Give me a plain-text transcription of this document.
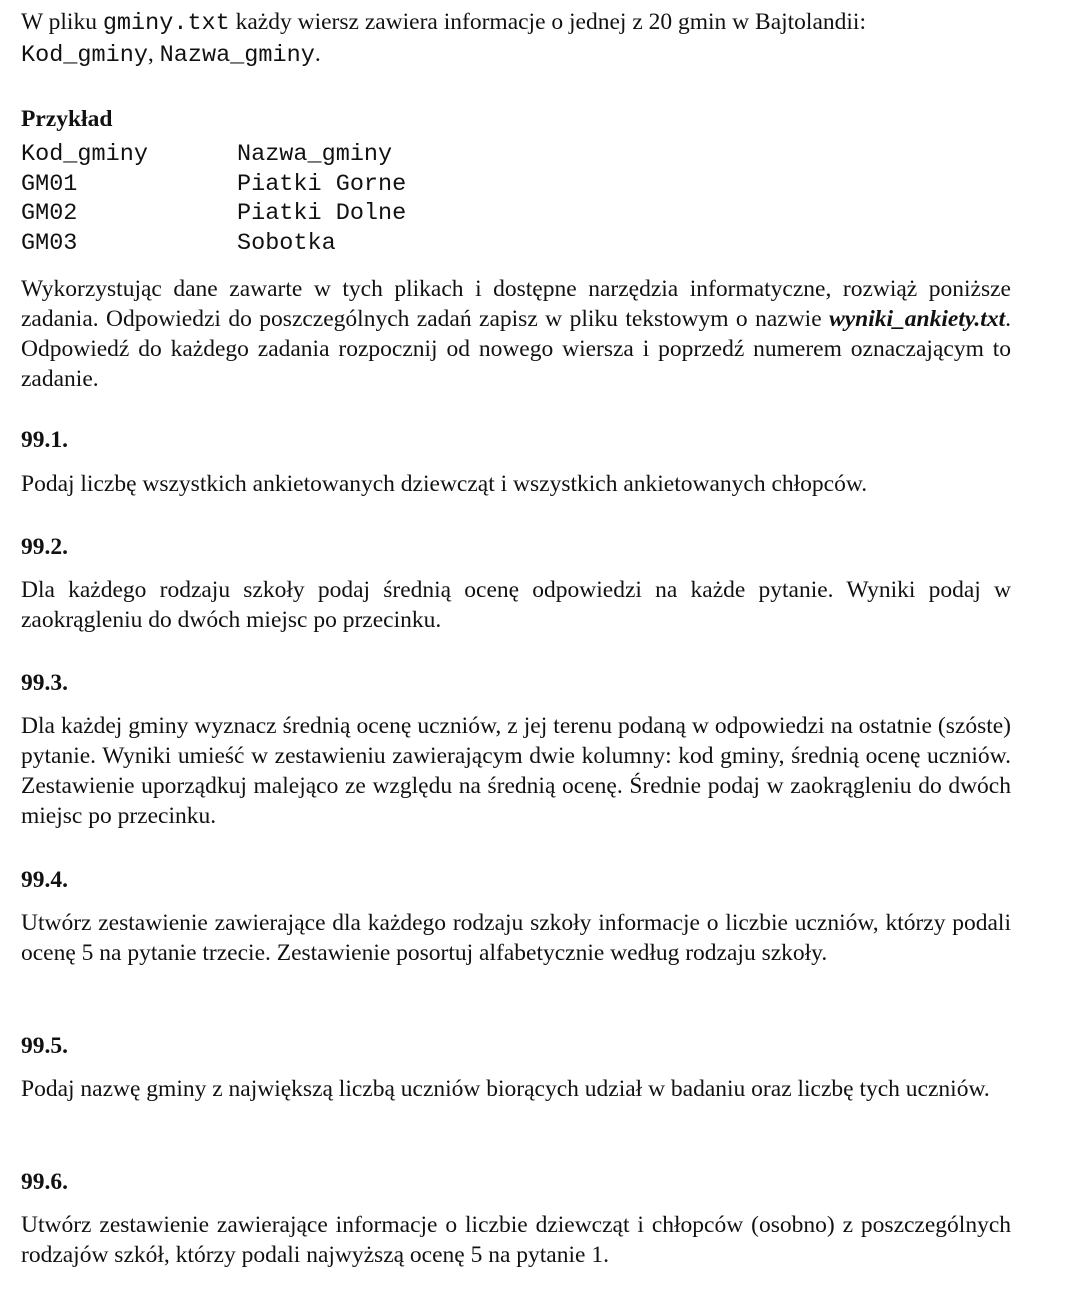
W pliku gminy.txt każdy wiersz zawiera informacje o jednej z 20 gmin w Bajtolandii:
Kod_gminy, Nazwa_gminy.

Przykład

Kod_gminy	Nazwa_gminy
GM01	Piatki Gorne
GM02	Piatki Dolne
GM03	Sobotka

Wykorzystując dane zawarte w tych plikach i dostępne narzędzia informatyczne, rozwiąż poniższe zadania. Odpowiedzi do poszczególnych zadań zapisz w pliku tekstowym o nazwie wyniki_ankiety.txt. Odpowiedź do każdego zadania rozpocznij od nowego wiersza i poprzedź numerem oznaczającym to zadanie.

99.1.

Podaj liczbę wszystkich ankietowanych dziewcząt i wszystkich ankietowanych chłopców.

99.2.

Dla każdego rodzaju szkoły podaj średnią ocenę odpowiedzi na każde pytanie. Wyniki podaj w zaokrągleniu do dwóch miejsc po przecinku.

99.3.

Dla każdej gminy wyznacz średnią ocenę uczniów, z jej terenu podaną w odpowiedzi na ostatnie (szóste) pytanie. Wyniki umieść w zestawieniu zawierającym dwie kolumny: kod gminy, średnią ocenę uczniów. Zestawienie uporządkuj malejąco ze względu na średnią ocenę. Średnie podaj w zaokrągleniu do dwóch miejsc po przecinku.

99.4.

Utwórz zestawienie zawierające dla każdego rodzaju szkoły informacje o liczbie uczniów, którzy podali ocenę 5 na pytanie trzecie. Zestawienie posortuj alfabetycznie według rodzaju szkoły.

99.5.

Podaj nazwę gminy z największą liczbą uczniów biorących udział w badaniu oraz liczbę tych uczniów.

99.6.

Utwórz zestawienie zawierające informacje o liczbie dziewcząt i chłopców (osobno) z poszczególnych rodzajów szkół, którzy podali najwyższą ocenę 5 na pytanie 1.
